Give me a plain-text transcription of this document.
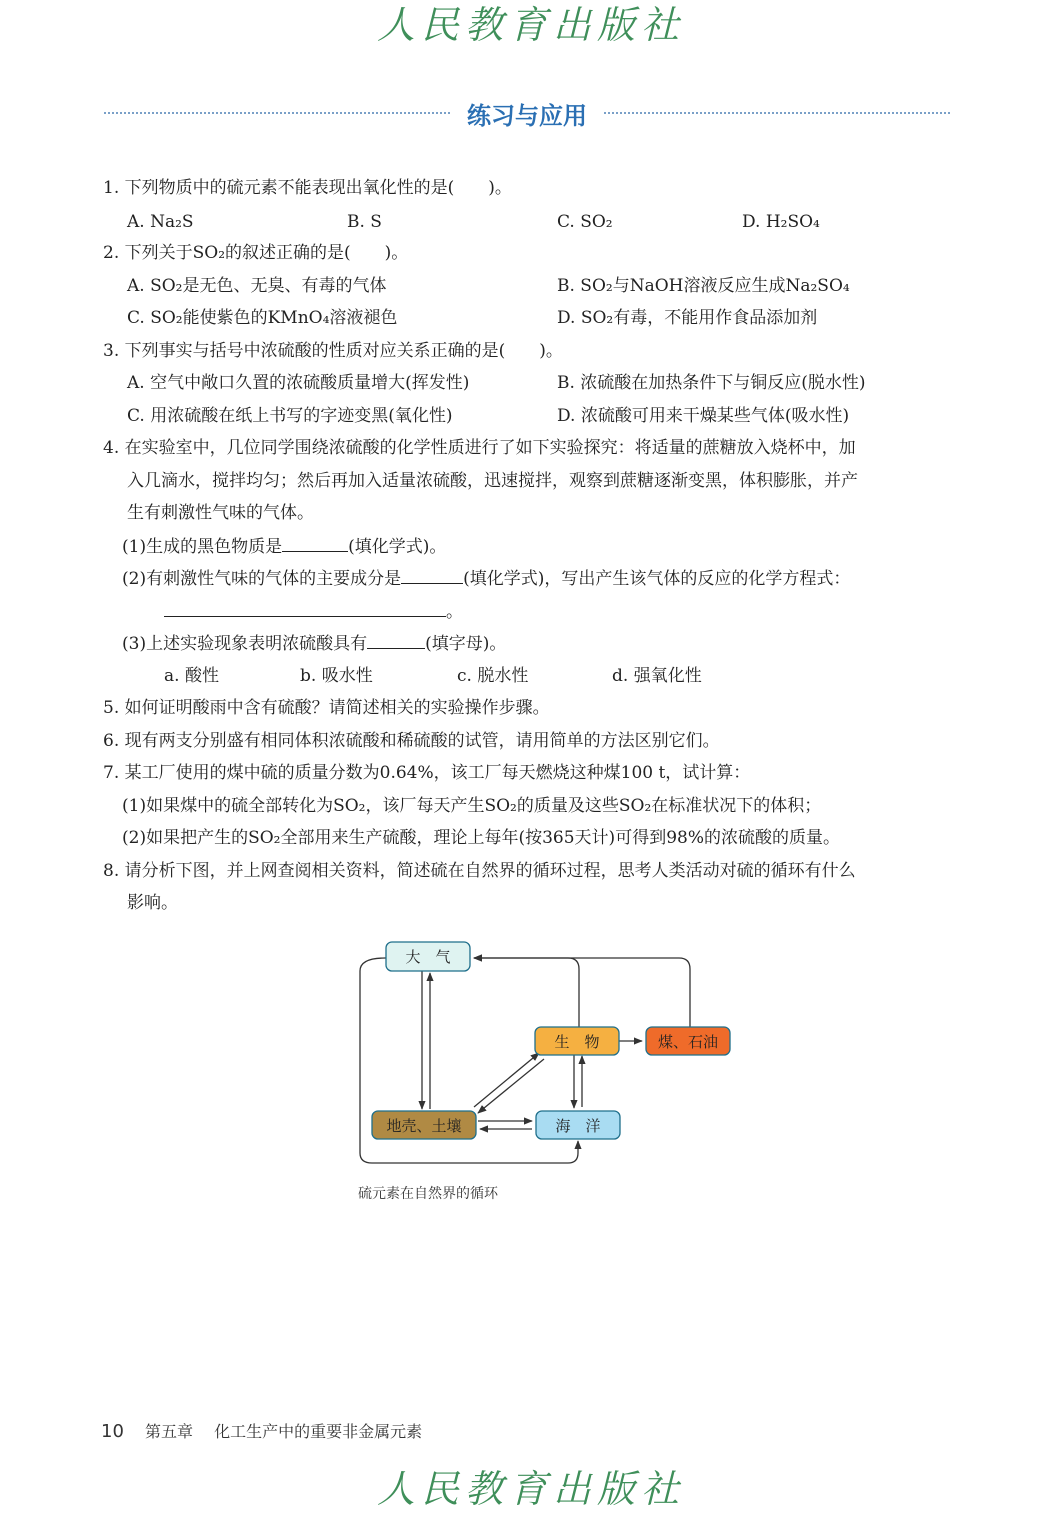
人民教育出版社
练习与应用
1. 下列物质中的硫元素不能表现出氧化性的是(　　)。
A. Na₂S	B. S	C. SO₂	D. H₂SO₄
2. 下列关于SO₂的叙述正确的是(　　)。
A. SO₂是无色、无臭、有毒的气体	B. SO₂与NaOH溶液反应生成Na₂SO₄
C. SO₂能使紫色的KMnO₄溶液褪色	D. SO₂有毒，不能用作食品添加剂
3. 下列事实与括号中浓硫酸的性质对应关系正确的是(　　)。
A. 空气中敞口久置的浓硫酸质量增大(挥发性)	B. 浓硫酸在加热条件下与铜反应(脱水性)
C. 用浓硫酸在纸上书写的字迹变黑(氧化性)	D. 浓硫酸可用来干燥某些气体(吸水性)
4. 在实验室中，几位同学围绕浓硫酸的化学性质进行了如下实验探究：将适量的蔗糖放入烧杯中，加
入几滴水，搅拌均匀；然后再加入适量浓硫酸，迅速搅拌，观察到蔗糖逐渐变黑，体积膨胀，并产
生有刺激性气味的气体。
(1)生成的黑色物质是	(填化学式)。
(2)有刺激性气味的气体的主要成分是	(填化学式)，写出产生该气体的反应的化学方程式：
。
(3)上述实验现象表明浓硫酸具有	(填字母)。
a. 酸性	b. 吸水性	c. 脱水性	d. 强氧化性
5. 如何证明酸雨中含有硫酸？请简述相关的实验操作步骤。
6. 现有两支分别盛有相同体积浓硫酸和稀硫酸的试管，请用简单的方法区别它们。
7. 某工厂使用的煤中硫的质量分数为0.64%，该工厂每天燃烧这种煤100 t，试计算：
(1)如果煤中的硫全部转化为SO₂，该厂每天产生SO₂的质量及这些SO₂在标准状况下的体积；
(2)如果把产生的SO₂全部用来生产硫酸，理论上每年(按365天计)可得到98%的浓硫酸的质量。
8. 请分析下图，并上网查阅相关资料，简述硫在自然界的循环过程，思考人类活动对硫的循环有什么
影响。
大　气
生　物	煤、石油
地壳、土壤	海　洋
硫元素在自然界的循环
10 第五章 化工生产中的重要非金属元素
人民教育出版社
